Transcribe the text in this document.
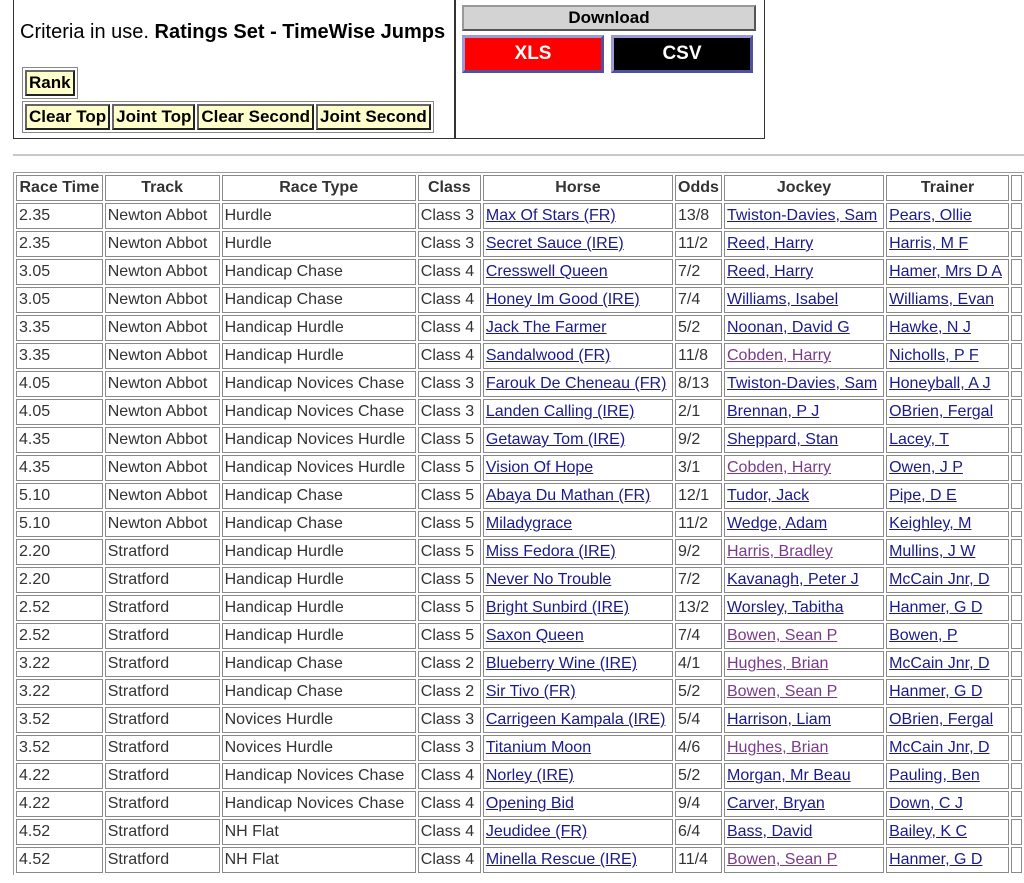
Criteria in use. Ratings Set - TimeWise Jumps
Rank
Clear Top Joint Top Clear Second Joint Second
Download
XLS	CSV
Race Time	Track	Race Type	Class	Horse	Odds	Jockey	Trainer	
2.35	Newton Abbot	Hurdle	Class 3	Max Of Stars (FR)	13/8	Twiston-Davies, Sam	Pears, Ollie	
2.35	Newton Abbot	Hurdle	Class 3	Secret Sauce (IRE)	11/2	Reed, Harry	Harris, M F	
3.05	Newton Abbot	Handicap Chase	Class 4	Cresswell Queen	7/2	Reed, Harry	Hamer, Mrs D A	
3.05	Newton Abbot	Handicap Chase	Class 4	Honey Im Good (IRE)	7/4	Williams, Isabel	Williams, Evan	
3.35	Newton Abbot	Handicap Hurdle	Class 4	Jack The Farmer	5/2	Noonan, David G	Hawke, N J	
3.35	Newton Abbot	Handicap Hurdle	Class 4	Sandalwood (FR)	11/8	Cobden, Harry	Nicholls, P F	
4.05	Newton Abbot	Handicap Novices Chase	Class 3	Farouk De Cheneau (FR)	8/13	Twiston-Davies, Sam	Honeyball, A J	
4.05	Newton Abbot	Handicap Novices Chase	Class 3	Landen Calling (IRE)	2/1	Brennan, P J	OBrien, Fergal	
4.35	Newton Abbot	Handicap Novices Hurdle	Class 5	Getaway Tom (IRE)	9/2	Sheppard, Stan	Lacey, T	
4.35	Newton Abbot	Handicap Novices Hurdle	Class 5	Vision Of Hope	3/1	Cobden, Harry	Owen, J P	
5.10	Newton Abbot	Handicap Chase	Class 5	Abaya Du Mathan (FR)	12/1	Tudor, Jack	Pipe, D E	
5.10	Newton Abbot	Handicap Chase	Class 5	Miladygrace	11/2	Wedge, Adam	Keighley, M	
2.20	Stratford	Handicap Hurdle	Class 5	Miss Fedora (IRE)	9/2	Harris, Bradley	Mullins, J W	
2.20	Stratford	Handicap Hurdle	Class 5	Never No Trouble	7/2	Kavanagh, Peter J	McCain Jnr, D	
2.52	Stratford	Handicap Hurdle	Class 5	Bright Sunbird (IRE)	13/2	Worsley, Tabitha	Hanmer, G D	
2.52	Stratford	Handicap Hurdle	Class 5	Saxon Queen	7/4	Bowen, Sean P	Bowen, P	
3.22	Stratford	Handicap Chase	Class 2	Blueberry Wine (IRE)	4/1	Hughes, Brian	McCain Jnr, D	
3.22	Stratford	Handicap Chase	Class 2	Sir Tivo (FR)	5/2	Bowen, Sean P	Hanmer, G D	
3.52	Stratford	Novices Hurdle	Class 3	Carrigeen Kampala (IRE)	5/4	Harrison, Liam	OBrien, Fergal	
3.52	Stratford	Novices Hurdle	Class 3	Titanium Moon	4/6	Hughes, Brian	McCain Jnr, D	
4.22	Stratford	Handicap Novices Chase	Class 4	Norley (IRE)	5/2	Morgan, Mr Beau	Pauling, Ben	
4.22	Stratford	Handicap Novices Chase	Class 4	Opening Bid	9/4	Carver, Bryan	Down, C J	
4.52	Stratford	NH Flat	Class 4	Jeudidee (FR)	6/4	Bass, David	Bailey, K C	
4.52	Stratford	NH Flat	Class 4	Minella Rescue (IRE)	11/4	Bowen, Sean P	Hanmer, G D	
